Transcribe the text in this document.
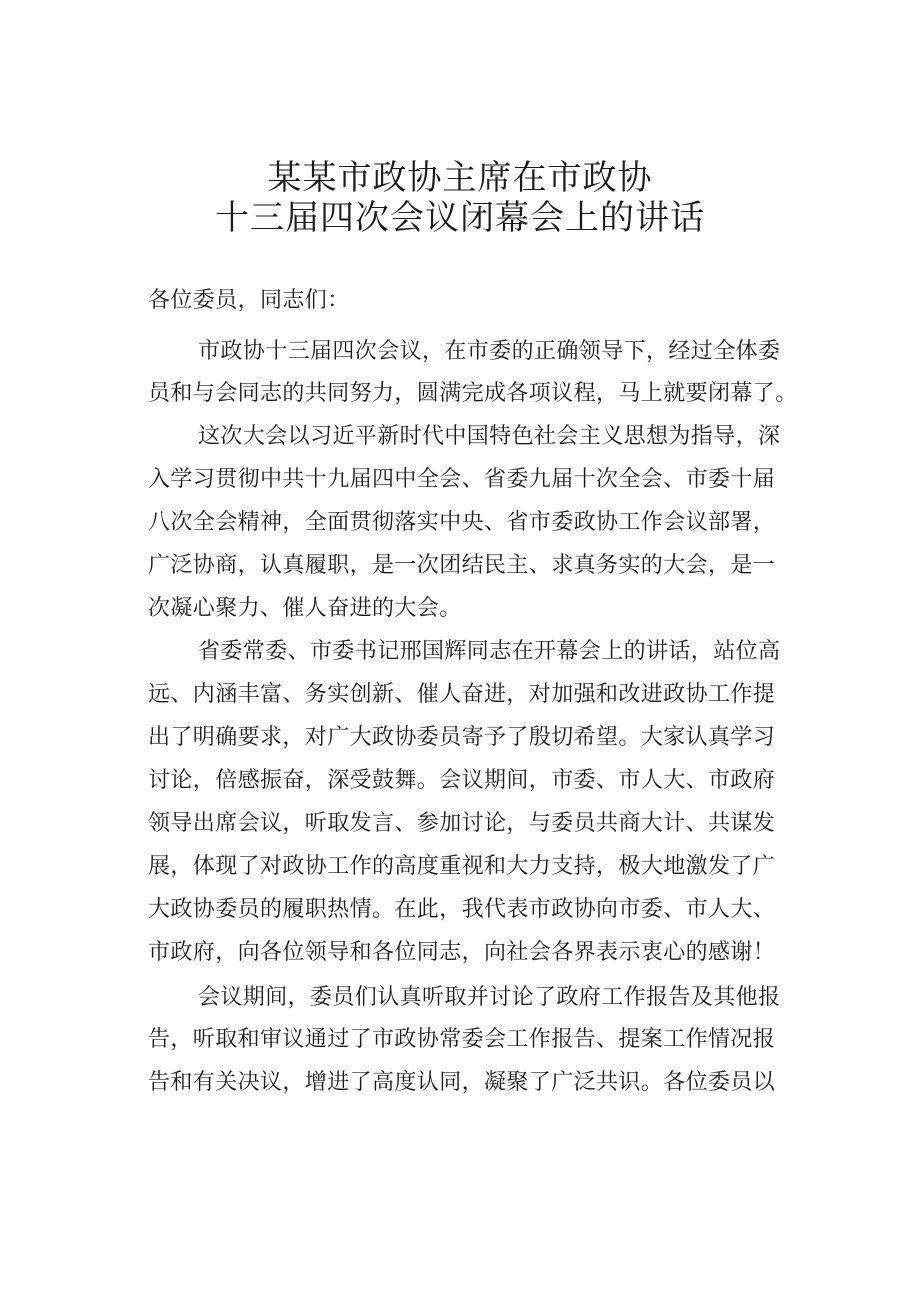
某某市政协主席在市政协
十三届四次会议闭幕会上的讲话
各位委员，同志们：
市政协十三届四次会议，在市委的正确领导下，经过全体委
员和与会同志的共同努力，圆满完成各项议程，马上就要闭幕了。
这次大会以习近平新时代中国特色社会主义思想为指导，深
入学习贯彻中共十九届四中全会、省委九届十次全会、市委十届
八次全会精神，全面贯彻落实中央、省市委政协工作会议部署，
广泛协商，认真履职，是一次团结民主、求真务实的大会，是一
次凝心聚力、催人奋进的大会。
省委常委、市委书记邢国辉同志在开幕会上的讲话，站位高
远、内涵丰富、务实创新、催人奋进，对加强和改进政协工作提
出了明确要求，对广大政协委员寄予了殷切希望。大家认真学习
讨论，倍感振奋，深受鼓舞。会议期间，市委、市人大、市政府
领导出席会议，听取发言、参加讨论，与委员共商大计、共谋发
展，体现了对政协工作的高度重视和大力支持，极大地激发了广
大政协委员的履职热情。在此，我代表市政协向市委、市人大、
市政府，向各位领导和各位同志，向社会各界表示衷心的感谢！
会议期间，委员们认真听取并讨论了政府工作报告及其他报
告，听取和审议通过了市政协常委会工作报告、提案工作情况报
告和有关决议，增进了高度认同，凝聚了广泛共识。各位委员以
